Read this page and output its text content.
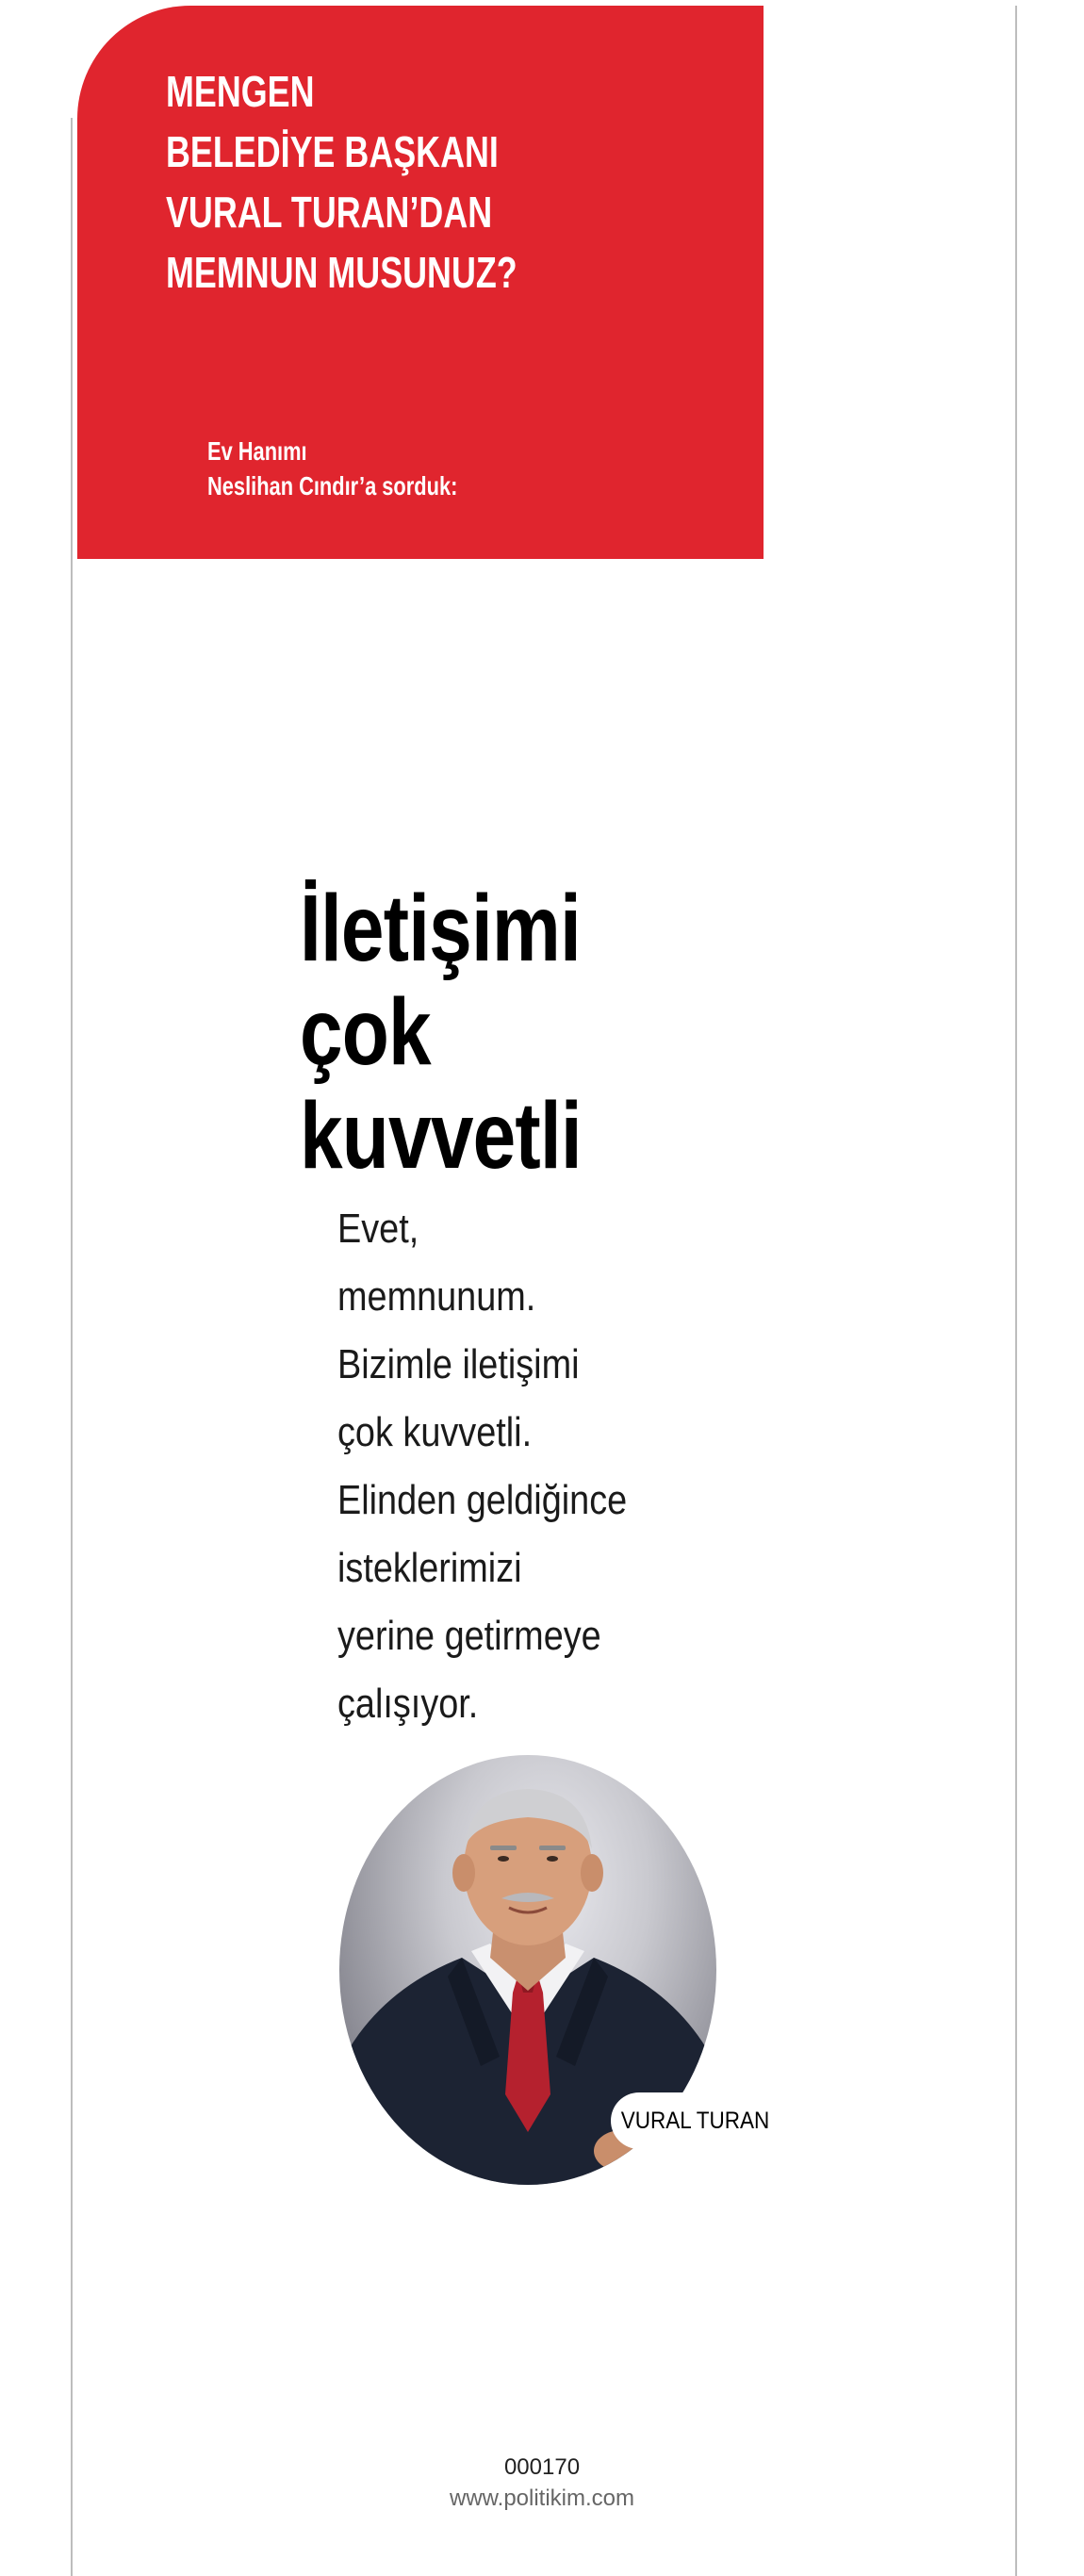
MENGEN
BELEDİYE BAŞKANI
VURAL TURAN’DAN
MEMNUN MUSUNUZ?
Ev Hanımı
Neslihan Cındır’a sorduk:
İletişimi
çok
kuvvetli
Evet,
memnunum.
Bizimle iletişimi
çok kuvvetli.
Elinden geldiğince
isteklerimizi
yerine getirmeye
çalışıyor.
VURAL TURAN
000170
www.politikim.com
